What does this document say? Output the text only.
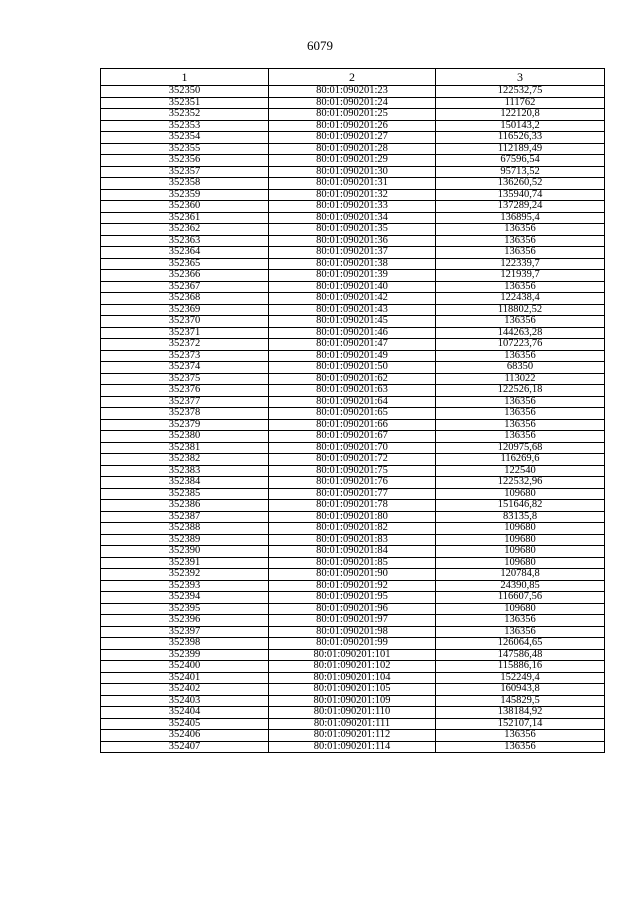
6079
1	2	3
352350	80:01:090201:23	122532,75
352351	80:01:090201:24	111762
352352	80:01:090201:25	122120,8
352353	80:01:090201:26	150143,2
352354	80:01:090201:27	116526,33
352355	80:01:090201:28	112189,49
352356	80:01:090201:29	67596,54
352357	80:01:090201:30	95713,52
352358	80:01:090201:31	136260,52
352359	80:01:090201:32	135940,74
352360	80:01:090201:33	137289,24
352361	80:01:090201:34	136895,4
352362	80:01:090201:35	136356
352363	80:01:090201:36	136356
352364	80:01:090201:37	136356
352365	80:01:090201:38	122339,7
352366	80:01:090201:39	121939,7
352367	80:01:090201:40	136356
352368	80:01:090201:42	122438,4
352369	80:01:090201:43	118802,52
352370	80:01:090201:45	136356
352371	80:01:090201:46	144263,28
352372	80:01:090201:47	107223,76
352373	80:01:090201:49	136356
352374	80:01:090201:50	68350
352375	80:01:090201:62	113022
352376	80:01:090201:63	122526,18
352377	80:01:090201:64	136356
352378	80:01:090201:65	136356
352379	80:01:090201:66	136356
352380	80:01:090201:67	136356
352381	80:01:090201:70	120975,68
352382	80:01:090201:72	116269,6
352383	80:01:090201:75	122540
352384	80:01:090201:76	122532,96
352385	80:01:090201:77	109680
352386	80:01:090201:78	151646,82
352387	80:01:090201:80	83135,8
352388	80:01:090201:82	109680
352389	80:01:090201:83	109680
352390	80:01:090201:84	109680
352391	80:01:090201:85	109680
352392	80:01:090201:90	120784,8
352393	80:01:090201:92	24390,85
352394	80:01:090201:95	116607,56
352395	80:01:090201:96	109680
352396	80:01:090201:97	136356
352397	80:01:090201:98	136356
352398	80:01:090201:99	126064,65
352399	80:01:090201:101	147586,48
352400	80:01:090201:102	115886,16
352401	80:01:090201:104	152249,4
352402	80:01:090201:105	160943,8
352403	80:01:090201:109	145829,5
352404	80:01:090201:110	138184,92
352405	80:01:090201:111	152107,14
352406	80:01:090201:112	136356
352407	80:01:090201:114	136356
